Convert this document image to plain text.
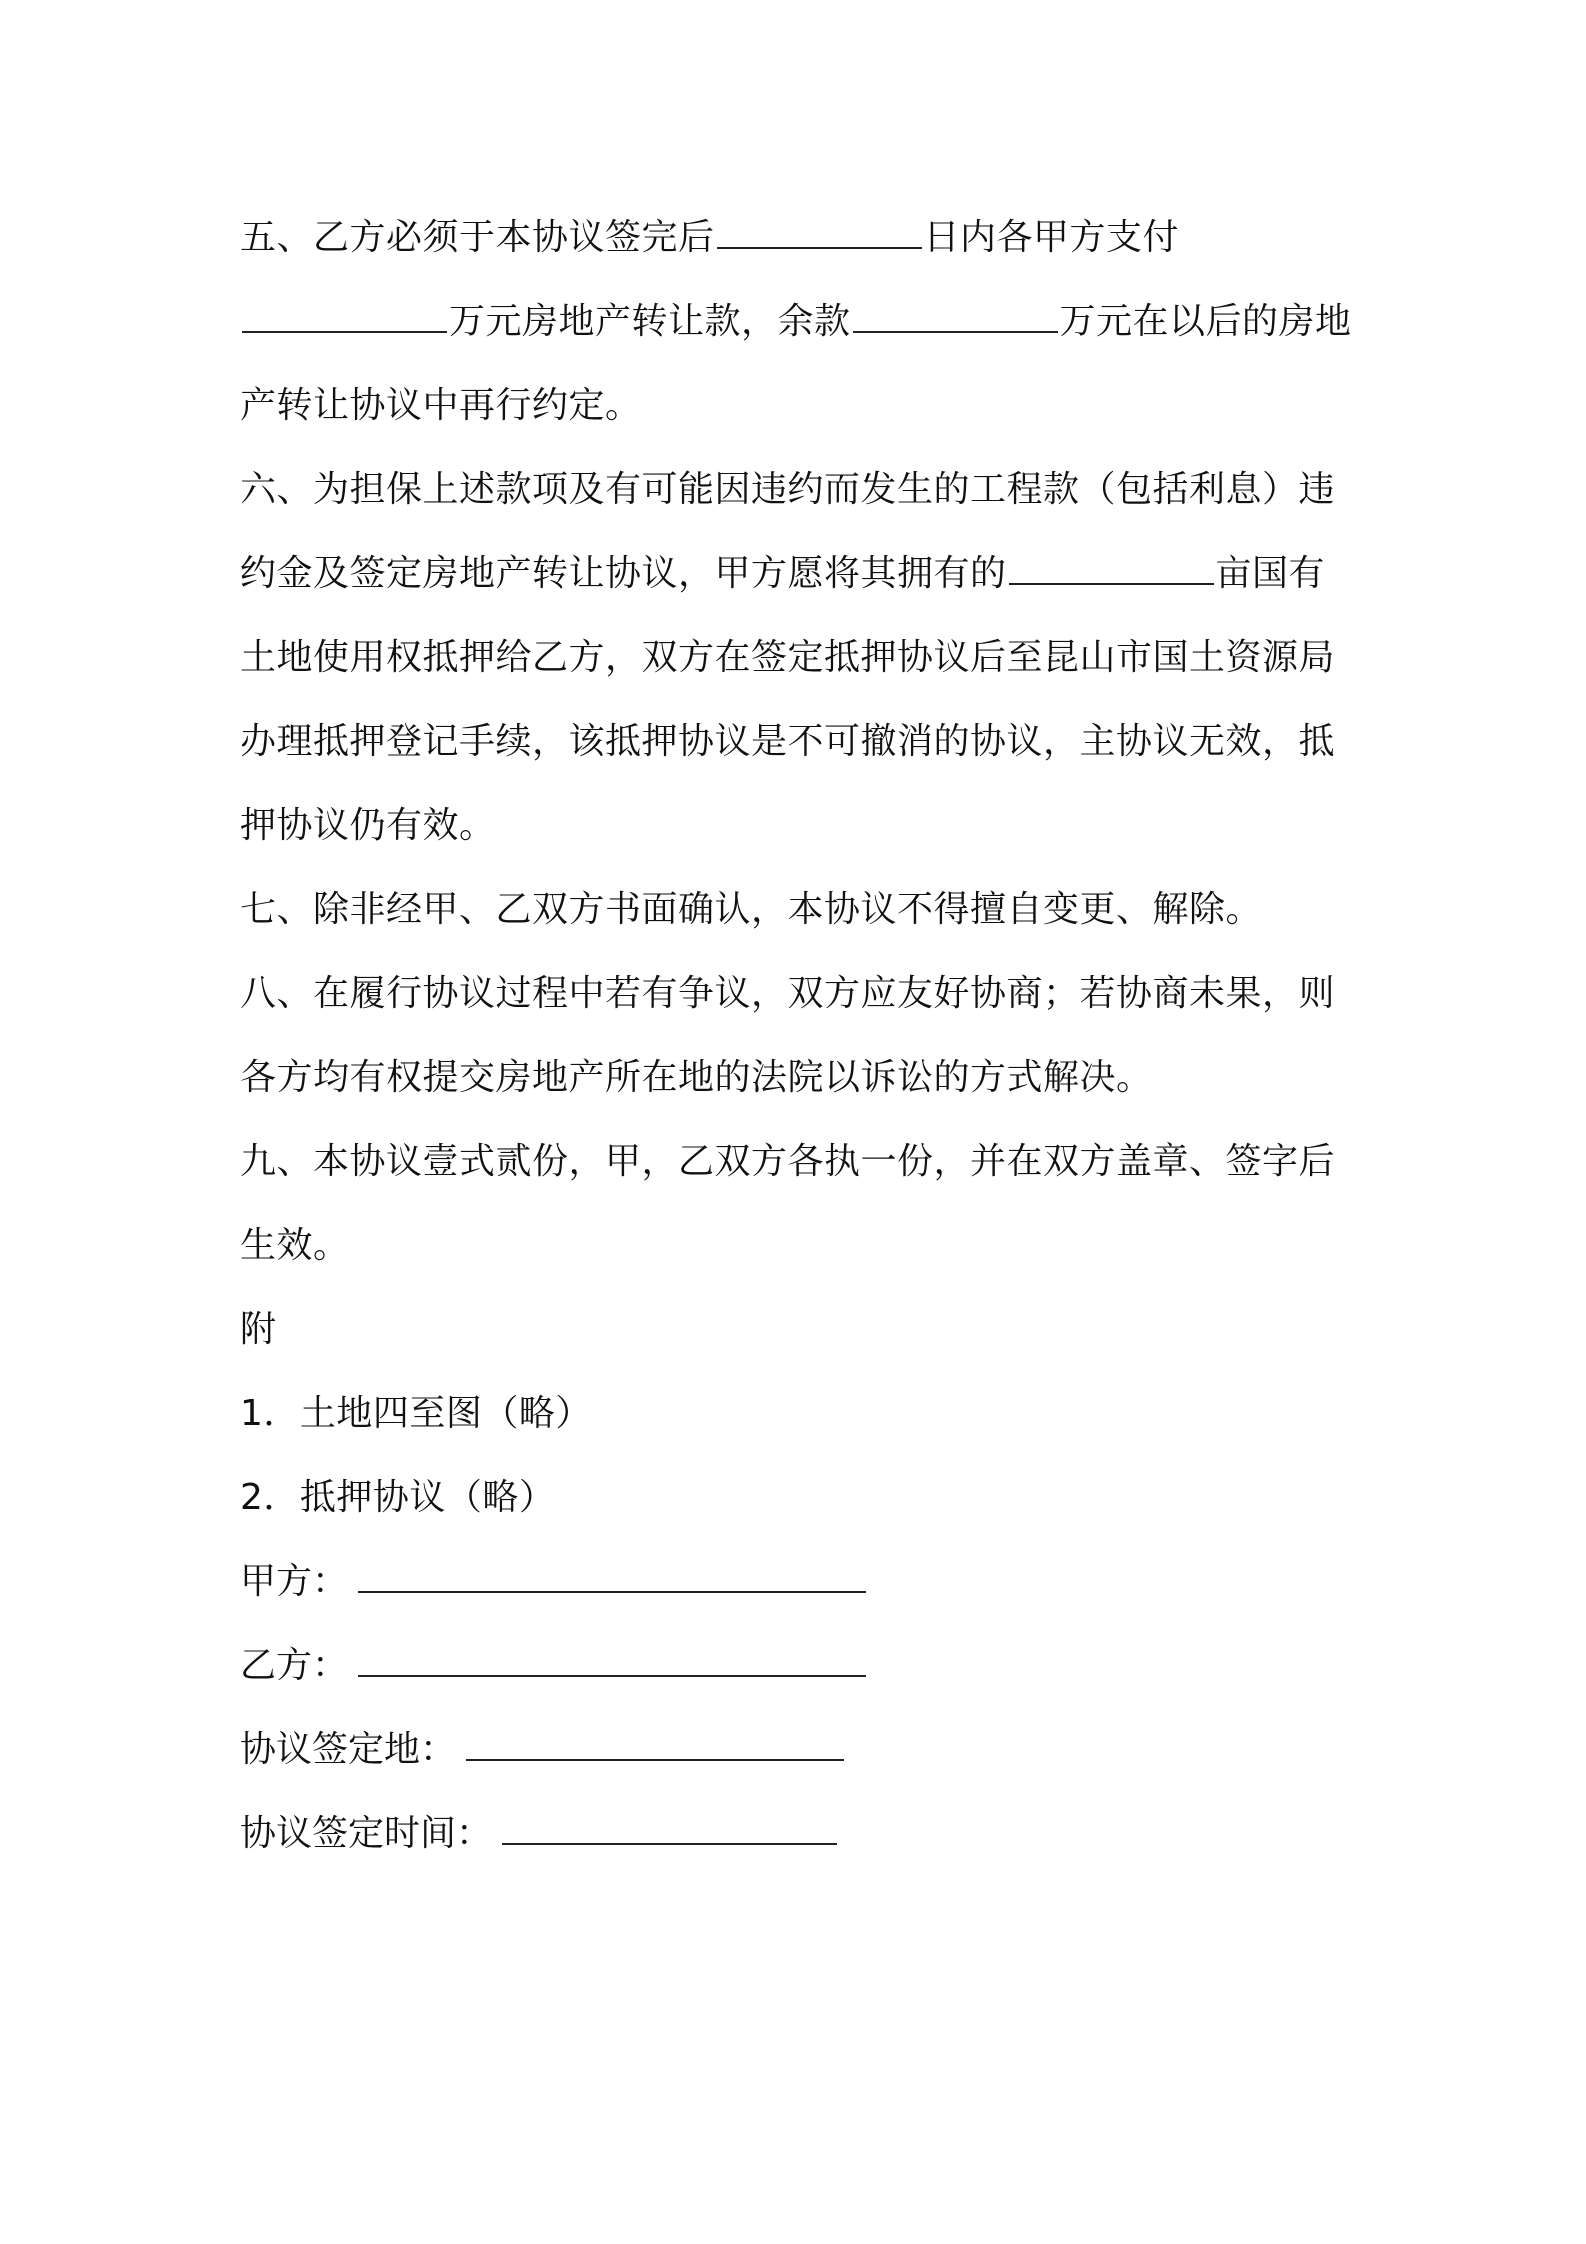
五、乙方必须于本协议签完后	日内各甲方支付万元房地产转让款，余款	万元在以后的房地产转让协议中再行约定。

六、为担保上述款项及有可能因违约而发生的工程款（包括利息）违约金及签定房地产转让协议，甲方愿将其拥有的	亩国有土地使用权抵押给乙方，双方在签定抵押协议后至昆山市国土资源局办理抵押登记手续，该抵押协议是不可撤消的协议，主协议无效，抵押协议仍有效。

七、除非经甲、乙双方书面确认，本协议不得擅自变更、解除。

八、在履行协议过程中若有争议，双方应友好协商；若协商未果，则各方均有权提交房地产所在地的法院以诉讼的方式解决。

九、本协议壹式贰份，甲，乙双方各执一份，并在双方盖章、签字后生效。

附

1．土地四至图（略）

2．抵押协议（略）

甲方：

乙方：

协议签定地：

协议签定时间：
